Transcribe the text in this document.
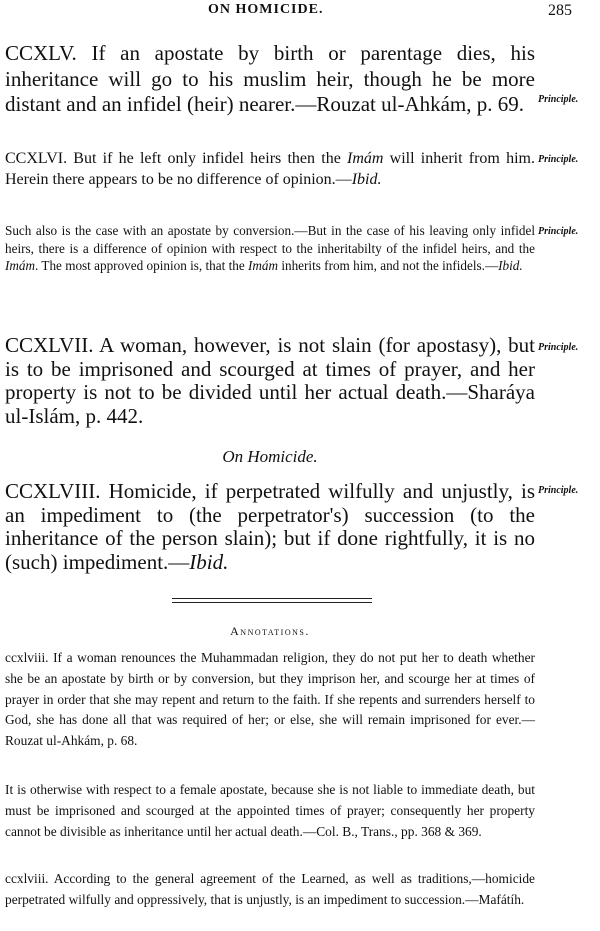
ON HOMICIDE.	285

CCXLV. If an apostate by birth or parentage dies, his inheritance will go to his muslim heir, though he be more distant and an infidel (heir) nearer.—Rouzat ul-Ahkám, p. 69.	Principle.

CCXLVI. But if he left only infidel heirs then the Imám will inherit from him. Herein there appears to be no difference of opinion.—Ibid.

Principle.

Such also is the case with an apostate by conversion.—But in the case of his leaving only infidel heirs, there is a difference of opinion with respect to the inheritabilty of the infidel heirs, and the Imám. The most approved opinion is, that the Imám inherits from him, and not the infidels.—Ibid.

Principle.

CCXLVII. A woman, however, is not slain (for apostasy), but is to be imprisoned and scourged at times of prayer, and her property is not to be divided until her actual death.—Sharáya ul-Islám, p. 442.

Principle.
On Homicide.

CCXLVIII. Homicide, if perpetrated wilfully and unjustly, is an impediment to (the perpetrator's) succession (to the inheritance of the person slain); but if done rightfully, it is no (such) impediment.—Ibid.

Principle.
Annotations.

ccxlviii. If a woman renounces the Muhammadan religion, they do not put her to death whether she be an apostate by birth or by conversion, but they imprison her, and scourge her at times of prayer in order that she may repent and return to the faith. If she repents and surrenders herself to God, she has done all that was required of her; or else, she will remain imprisoned for ever.—Rouzat ul-Ahkám, p. 68.

It is otherwise with respect to a female apostate, because she is not liable to immediate death, but must be imprisoned and scourged at the appointed times of prayer; consequently her property cannot be divisible as inheritance until her actual death.—Col. B., Trans., pp. 368 & 369.

ccxlviii. According to the general agreement of the Learned, as well as traditions,—homicide perpetrated wilfully and oppressively, that is unjustly, is an impediment to succession.—Mafátíh.
